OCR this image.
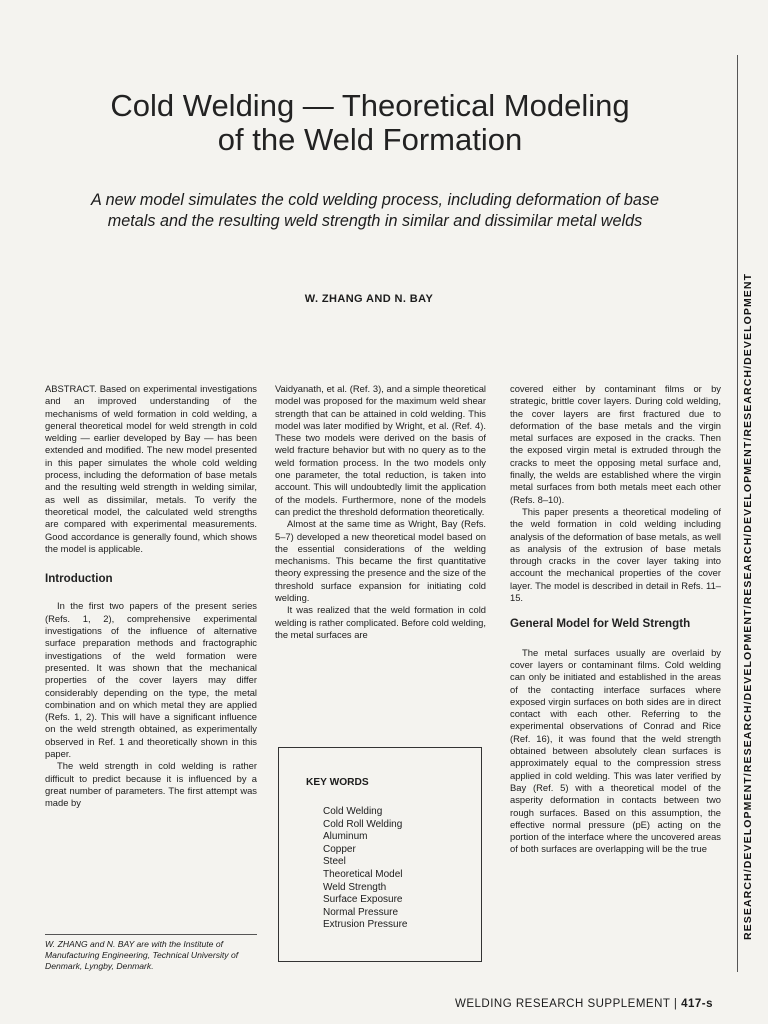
Cold Welding — Theoretical Modeling
of the Weld Formation
A new model simulates the cold welding process, including deformation of base
metals and the resulting weld strength in similar and dissimilar metal welds
W. ZHANG AND N. BAY

ABSTRACT. Based on experimental investigations and an improved understanding of the mechanisms of weld formation in cold welding, a general theoretical model for weld strength in cold welding — earlier developed by Bay — has been extended and modified. The new model presented in this paper simulates the whole cold welding process, including the deformation of base metals and the resulting weld strength in welding similar, as well as dissimilar, metals. To verify the theoretical model, the calculated weld strengths are compared with experimental measurements. Good accordance is generally found, which shows the model is applicable.

Introduction

In the first two papers of the present series (Refs. 1, 2), comprehensive experimental investigations of the influence of alternative surface preparation methods and fractographic investigations of the weld formation were presented. It was shown that the mechanical properties of the cover layers may differ considerably depending on the type, the metal combination and on which metal they are applied (Refs. 1, 2). This will have a significant influence on the weld strength obtained, as experimentally observed in Ref. 1 and theoretically shown in this paper.

The weld strength in cold welding is rather difficult to predict because it is influenced by a great number of parameters. The first attempt was made by

Vaidyanath, et al. (Ref. 3), and a simple theoretical model was proposed for the maximum weld shear strength that can be attained in cold welding. This model was later modified by Wright, et al. (Ref. 4). These two models were derived on the basis of weld fracture behavior but with no query as to the weld formation process. In the two models only one parameter, the total reduction, is taken into account. This will undoubtedly limit the application of the models. Furthermore, none of the models can predict the threshold deformation theoretically.

Almost at the same time as Wright, Bay (Refs. 5–7) developed a new theoretical model based on the essential considerations of the welding mechanisms. This became the first quantitative theory expressing the presence and the size of the threshold surface expansion for initiating cold welding.

It was realized that the weld formation in cold welding is rather complicated. Before cold welding, the metal surfaces are

KEY WORDS
Cold Welding
Cold Roll Welding
Aluminum
Copper
Steel
Theoretical Model
Weld Strength
Surface Exposure
Normal Pressure
Extrusion Pressure

covered either by contaminant films or by strategic, brittle cover layers. During cold welding, the cover layers are first fractured due to deformation of the base metals and the virgin metal surfaces are exposed in the cracks. Then the exposed virgin metal is extruded through the cracks to meet the opposing metal surface and, finally, the welds are established where the virgin metal surfaces from both metals meet each other (Refs. 8–10).

This paper presents a theoretical modeling of the weld formation in cold welding including analysis of the deformation of base metals, as well as analysis of the extrusion of base metals through cracks in the cover layer taking into account the mechanical properties of the cover layer. The model is described in detail in Refs. 11–15.

General Model for Weld Strength

The metal surfaces usually are overlaid by cover layers or contaminant films. Cold welding can only be initiated and established in the areas of the contacting interface surfaces where exposed virgin surfaces on both sides are in direct contact with each other. Referring to the experimental observations of Conrad and Rice (Ref. 16), it was found that the weld strength obtained between absolutely clean surfaces is approximately equal to the compression stress applied in cold welding. This was later verified by Bay (Ref. 5) with a theoretical model of the asperity deformation in contacts between two rough surfaces. Based on this assumption, the effective normal pressure (pE) acting on the portion of the interface where the uncovered areas of both surfaces are overlapping will be the true

W. ZHANG and N. BAY are with the Institute of Manufacturing Engineering, Technical University of Denmark, Lyngby, Denmark.
RESEARCH/DEVELOPMENT/RESEARCH/DEVELOPMENT/RESEARCH/DEVELOPMENT/RESEARCH/DEVELOPMENT
WELDING RESEARCH SUPPLEMENT | 417-s
